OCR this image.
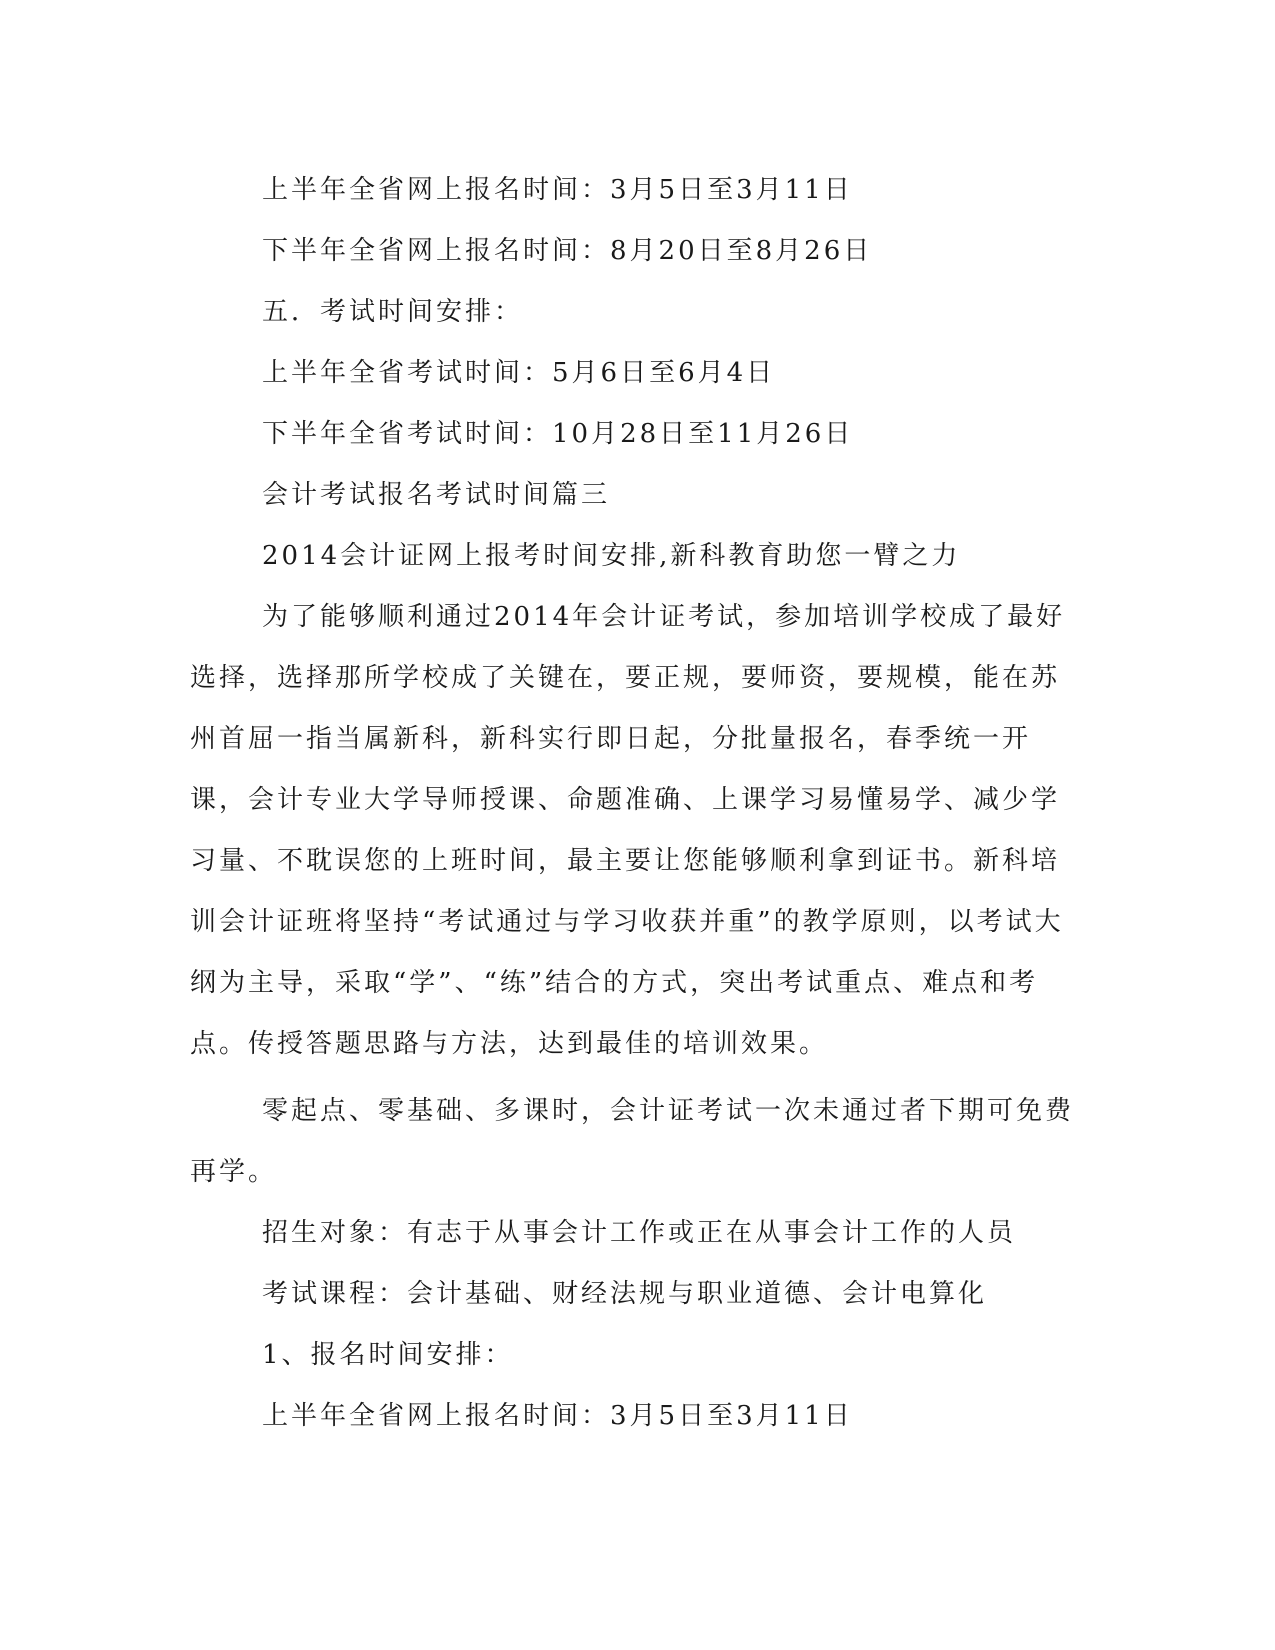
上半年全省网上报名时间：3月5日至3月11日

下半年全省网上报名时间：8月20日至8月26日

五．考试时间安排：

上半年全省考试时间：5月6日至6月4日

下半年全省考试时间：10月28日至11月26日

会计考试报名考试时间篇三

2014会计证网上报考时间安排,新科教育助您一臂之力

为了能够顺利通过2014年会计证考试，参加培训学校成了最好选择，选择那所学校成了关键在，要正规，要师资，要规模，能在苏州首屈一指当属新科，新科实行即日起，分批量报名，春季统一开课，会计专业大学导师授课、命题准确、上课学习易懂易学、减少学习量、不耽误您的上班时间，最主要让您能够顺利拿到证书。新科培训会计证班将坚持“考试通过与学习收获并重”的教学原则，以考试大纲为主导，采取“学”、“练”结合的方式，突出考试重点、难点和考点。传授答题思路与方法，达到最佳的培训效果。

零起点、零基础、多课时，会计证考试一次未通过者下期可免费再学。

招生对象：有志于从事会计工作或正在从事会计工作的人员

考试课程：会计基础、财经法规与职业道德、会计电算化

1、报名时间安排：

上半年全省网上报名时间：3月5日至3月11日
